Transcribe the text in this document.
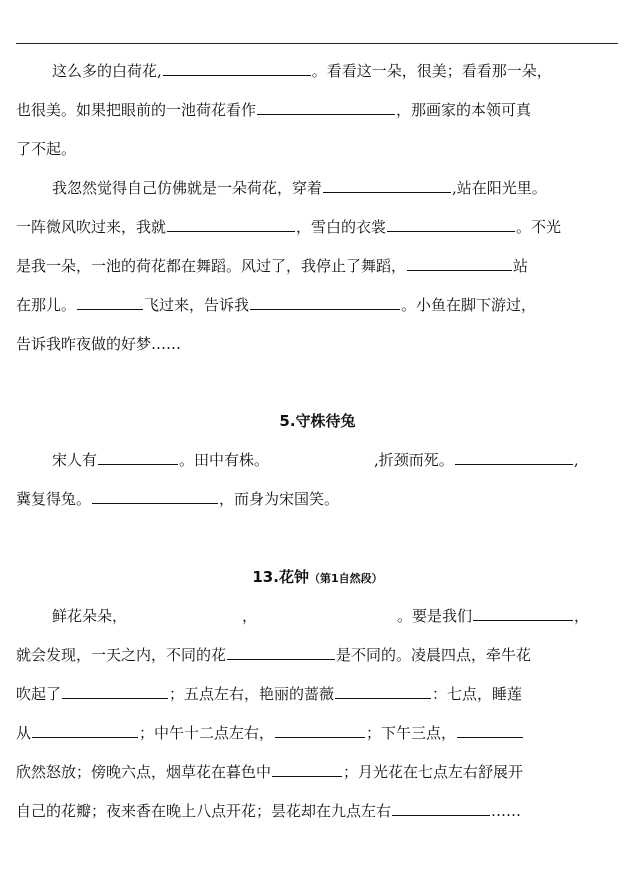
这么多的白荷花,	。看看这一朵，很美；看看那一朵，
也很美。如果把眼前的一池荷花看作	，那画家的本领可真
了不起。
我忽然觉得自己仿佛就是一朵荷花，穿着	,站在阳光里。
一阵微风吹过来，我就	，雪白的衣裳	。不光
是我一朵，一池的荷花都在舞蹈。风过了，我停止了舞蹈，	站
在那儿。	飞过来，告诉我	。小鱼在脚下游过，
告诉我昨夜做的好梦……
5.守株待兔
宋人有	。田中有株。	,折颈而死。	,
冀复得兔。	，而身为宋国笑。
13.花钟（第1自然段）
鲜花朵朵，	，	。要是我们	，
就会发现，一天之内，不同的花	是不同的。凌晨四点，牵牛花
吹起了	；五点左右，艳丽的蔷薇	：七点，睡莲
从	；中午十二点左右，	；下午三点，
欣然怒放；傍晚六点，烟草花在暮色中	；月光花在七点左右舒展开
自己的花瓣；夜来香在晚上八点开花；昙花却在九点左右	……
